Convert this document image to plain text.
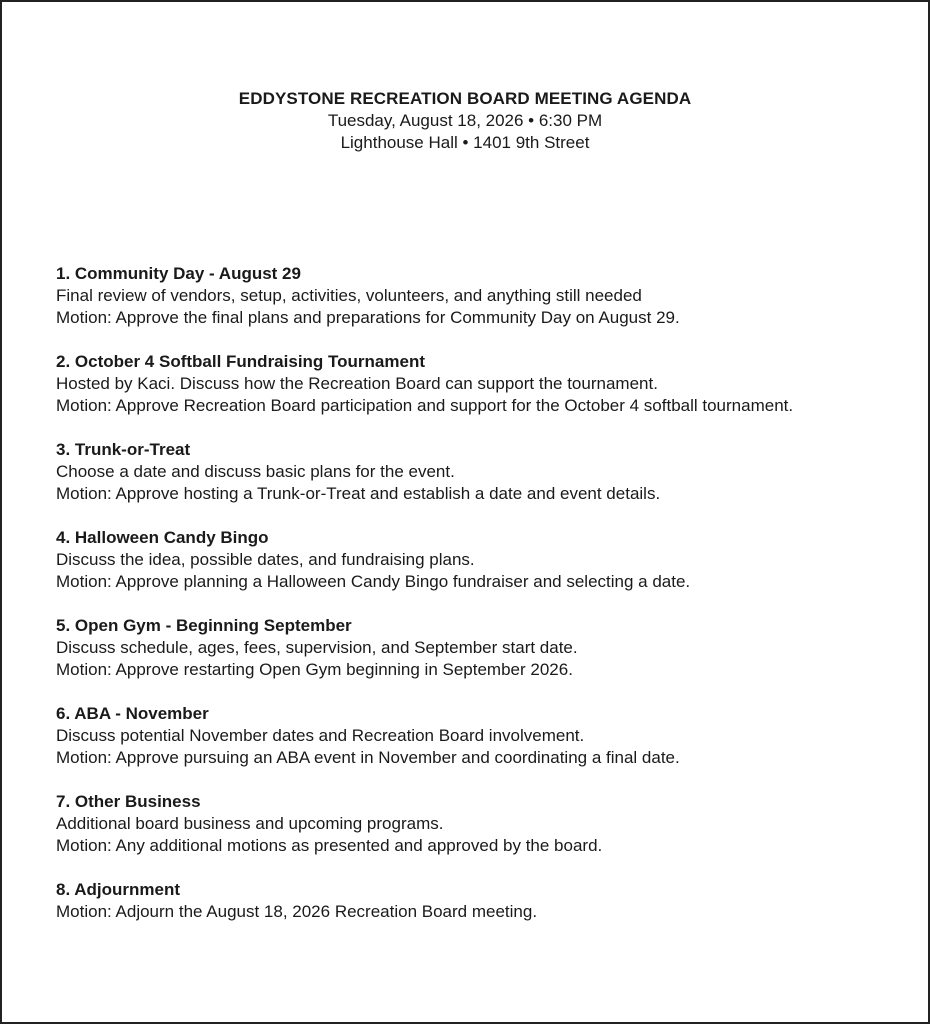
EDDYSTONE RECREATION BOARD MEETING AGENDA
Tuesday, August 18, 2026 • 6:30 PM
Lighthouse Hall • 1401 9th Street
1. Community Day - August 29
Final review of vendors, setup, activities, volunteers, and anything still needed
Motion: Approve the final plans and preparations for Community Day on August 29.
2. October 4 Softball Fundraising Tournament
Hosted by Kaci. Discuss how the Recreation Board can support the tournament.
Motion: Approve Recreation Board participation and support for the October 4 softball tournament.
3. Trunk-or-Treat
Choose a date and discuss basic plans for the event.
Motion: Approve hosting a Trunk-or-Treat and establish a date and event details.
4. Halloween Candy Bingo
Discuss the idea, possible dates, and fundraising plans.
Motion: Approve planning a Halloween Candy Bingo fundraiser and selecting a date.
5. Open Gym - Beginning September
Discuss schedule, ages, fees, supervision, and September start date.
Motion: Approve restarting Open Gym beginning in September 2026.
6. ABA - November
Discuss potential November dates and Recreation Board involvement.
Motion: Approve pursuing an ABA event in November and coordinating a final date.
7. Other Business
Additional board business and upcoming programs.
Motion: Any additional motions as presented and approved by the board.
8. Adjournment
Motion: Adjourn the August 18, 2026 Recreation Board meeting.
